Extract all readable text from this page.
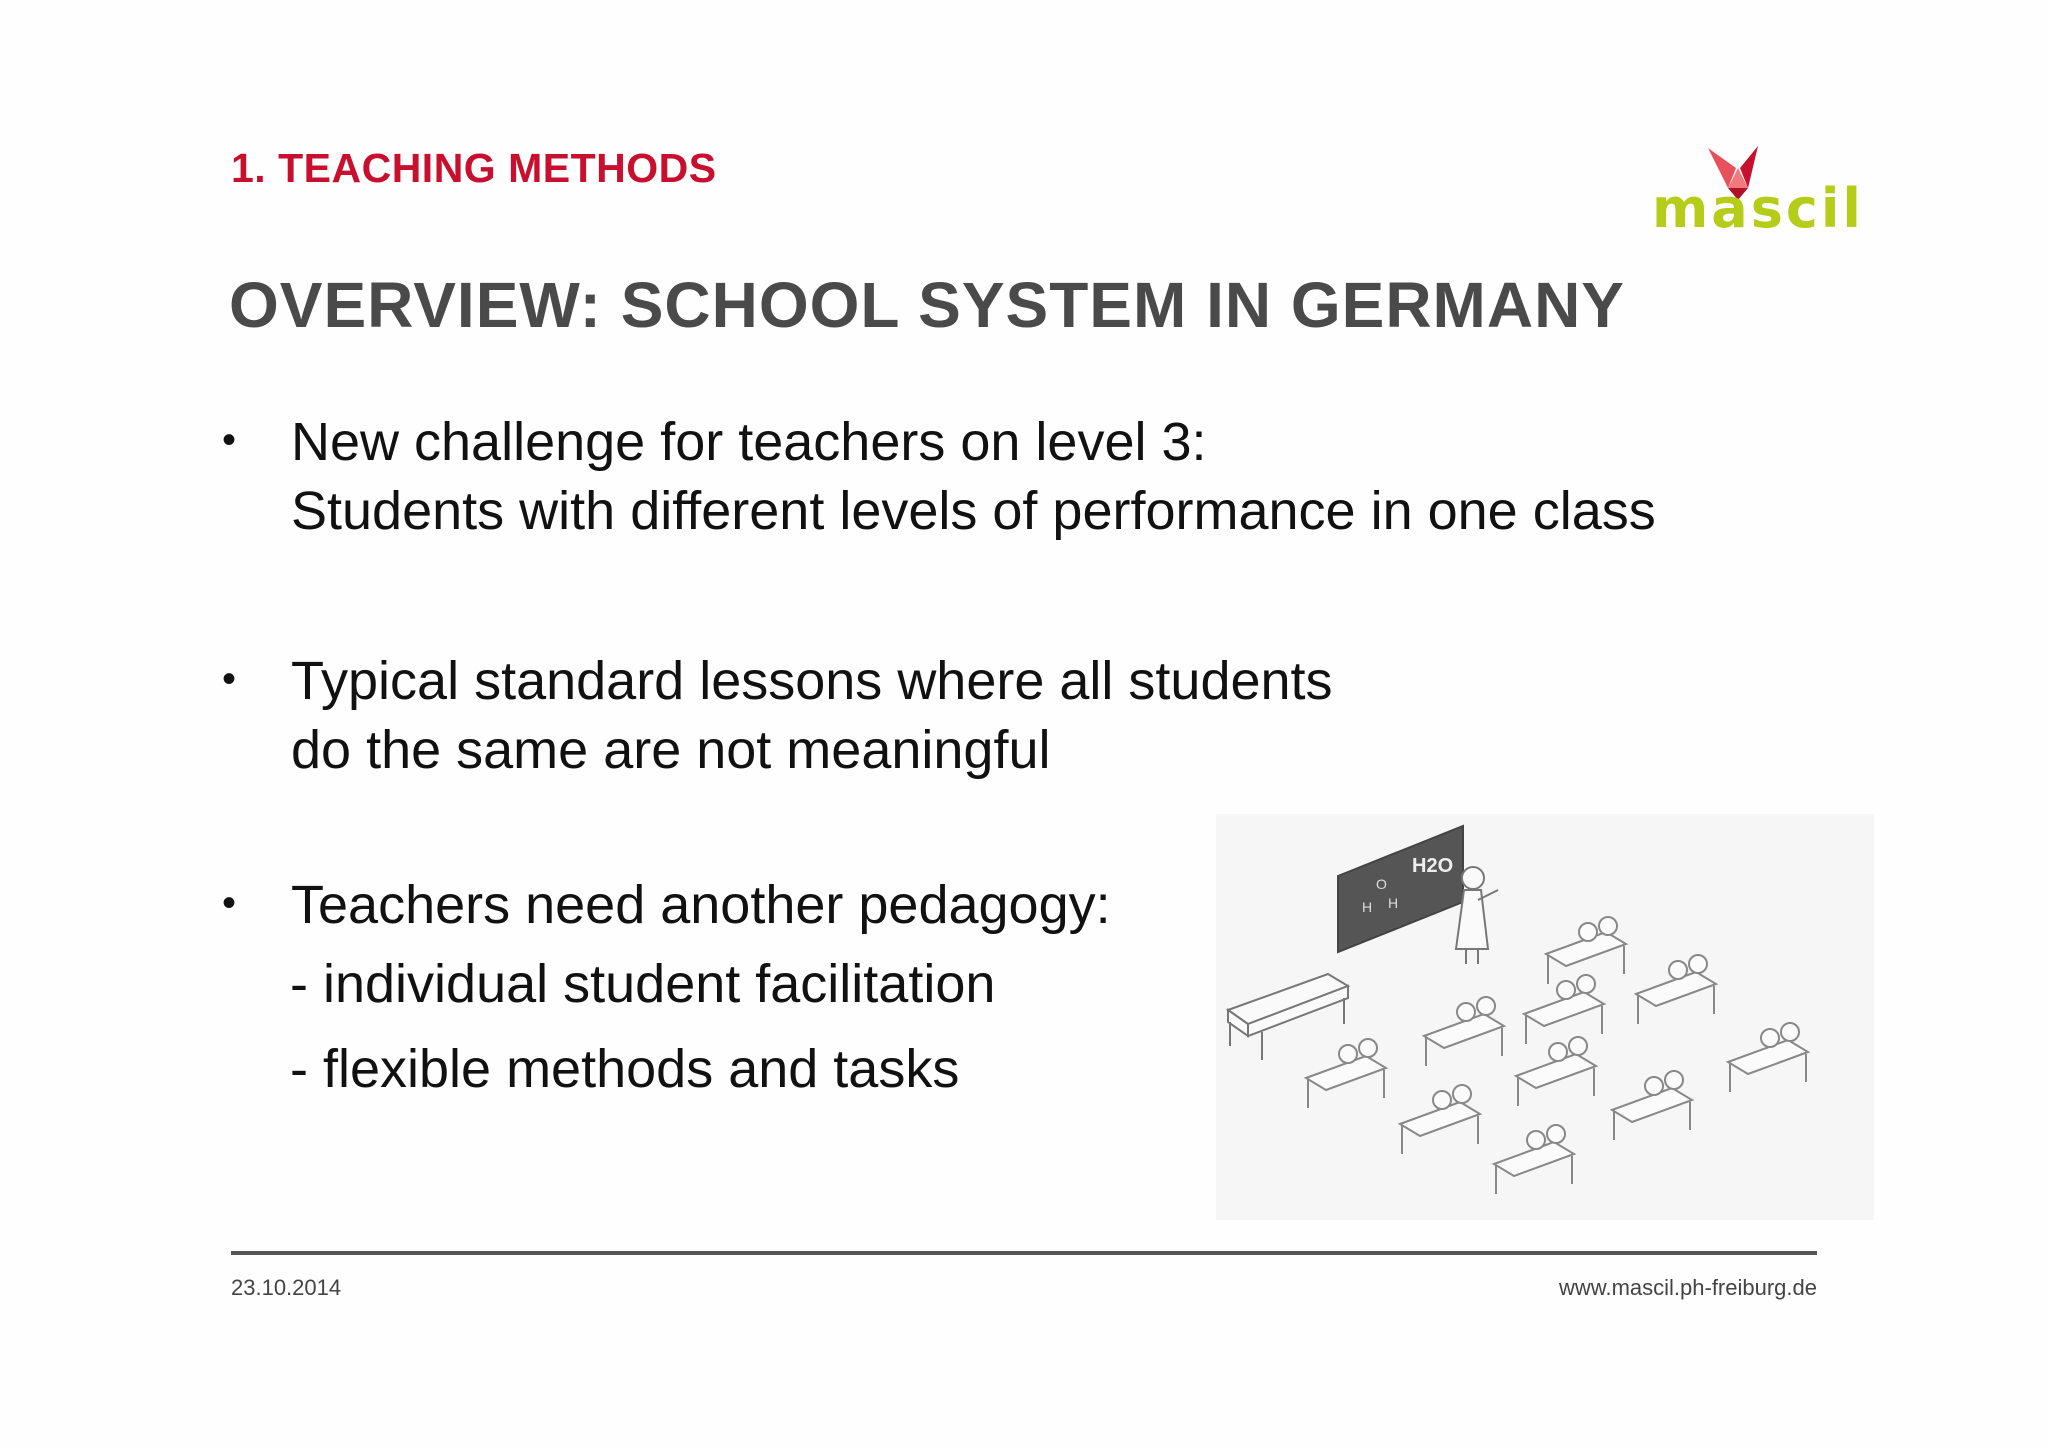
1. TEACHING METHODS
mascil
OVERVIEW: SCHOOL SYSTEM IN GERMANY
• New challenge for teachers on level 3:
Students with different levels of performance in one class
• Typical standard lessons where all students
do the same are not meaningful
• Teachers need another pedagogy:
- individual student facilitation
- flexible methods and tasks
H2O
O
H H
23.10.2014	www.mascil.ph-freiburg.de
